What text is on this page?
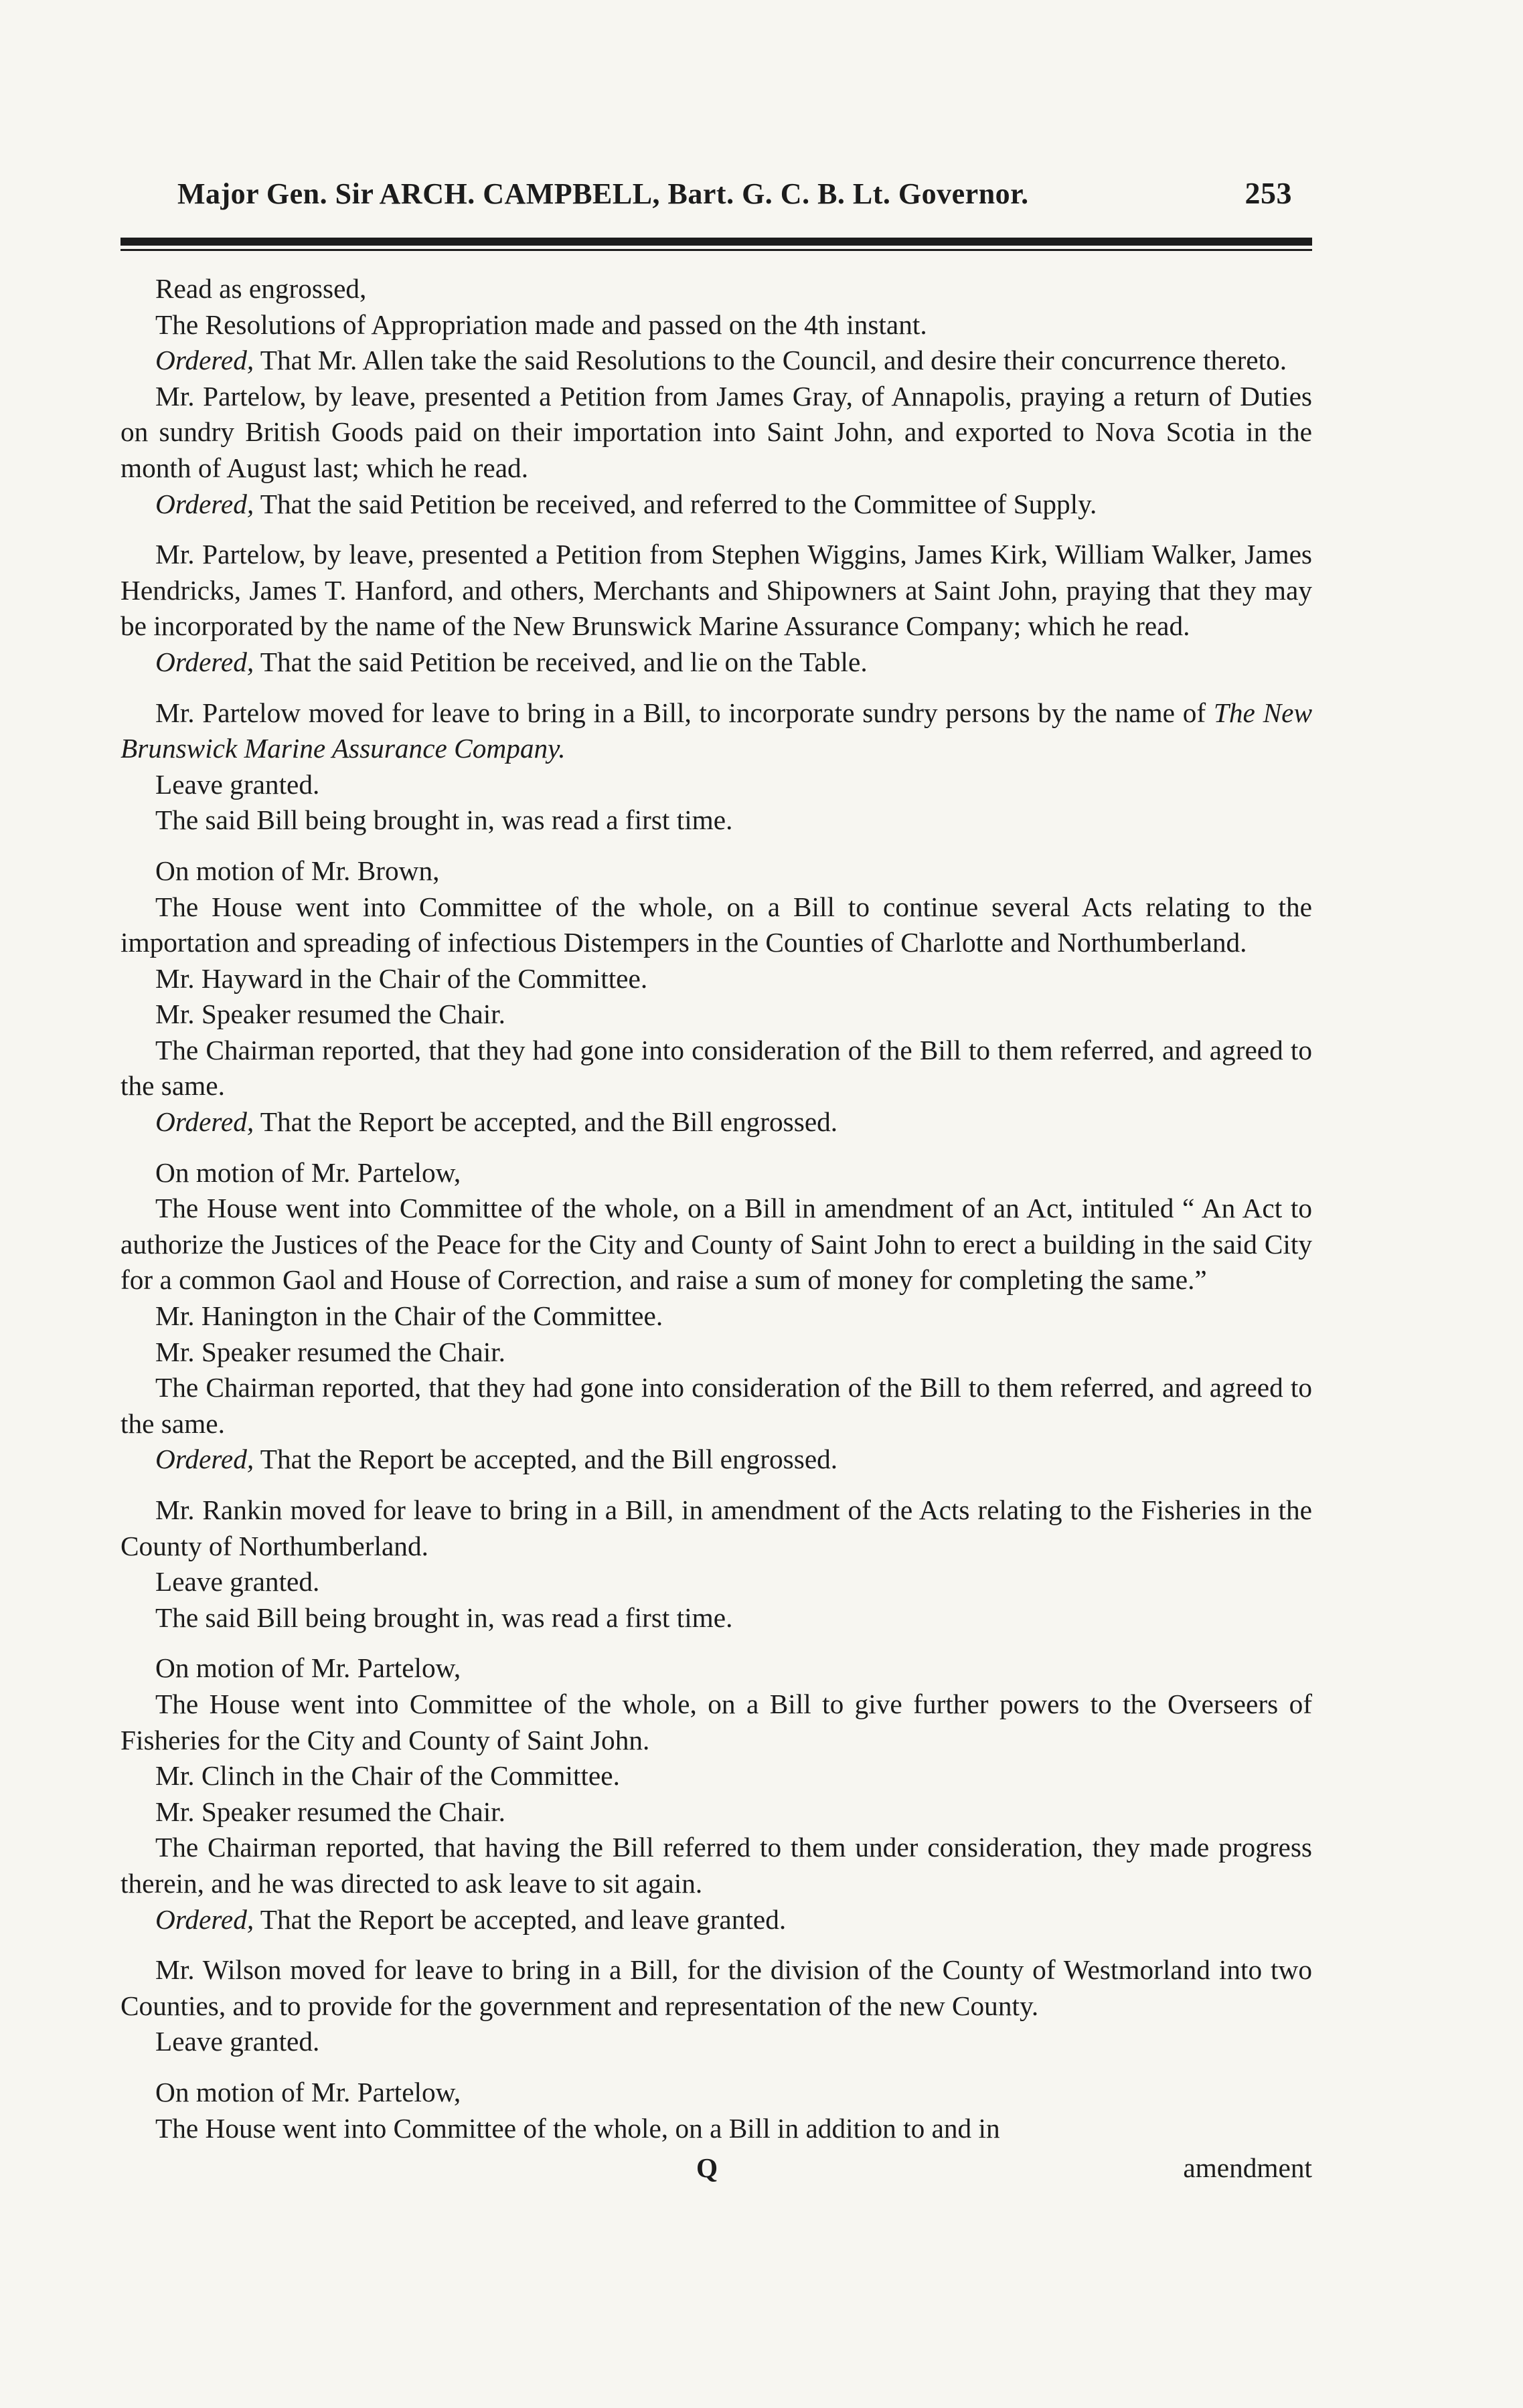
Major Gen. Sir ARCH. CAMPBELL, Bart. G. C. B. Lt. Governor.	253

Read as engrossed,

The Resolutions of Appropriation made and passed on the 4th instant.

Ordered, That Mr. Allen take the said Resolutions to the Council, and desire their concurrence thereto.

Mr. Partelow, by leave, presented a Petition from James Gray, of Annapolis, praying a return of Duties on sundry British Goods paid on their importation into Saint John, and exported to Nova Scotia in the month of August last; which he read.

Ordered, That the said Petition be received, and referred to the Committee of Supply.

Mr. Partelow, by leave, presented a Petition from Stephen Wiggins, James Kirk, William Walker, James Hendricks, James T. Hanford, and others, Merchants and Shipowners at Saint John, praying that they may be incorporated by the name of the New Brunswick Marine Assurance Company; which he read.

Ordered, That the said Petition be received, and lie on the Table.

Mr. Partelow moved for leave to bring in a Bill, to incorporate sundry persons by the name of The New Brunswick Marine Assurance Company.

Leave granted.

The said Bill being brought in, was read a first time.

On motion of Mr. Brown,

The House went into Committee of the whole, on a Bill to continue several Acts relating to the importation and spreading of infectious Distempers in the Counties of Charlotte and Northumberland.

Mr. Hayward in the Chair of the Committee.

Mr. Speaker resumed the Chair.

The Chairman reported, that they had gone into consideration of the Bill to them referred, and agreed to the same.

Ordered, That the Report be accepted, and the Bill engrossed.

On motion of Mr. Partelow,

The House went into Committee of the whole, on a Bill in amendment of an Act, intituled “ An Act to authorize the Justices of the Peace for the City and County of Saint John to erect a building in the said City for a common Gaol and House of Correction, and raise a sum of money for completing the same.”

Mr. Hanington in the Chair of the Committee.

Mr. Speaker resumed the Chair.

The Chairman reported, that they had gone into consideration of the Bill to them referred, and agreed to the same.

Ordered, That the Report be accepted, and the Bill engrossed.

Mr. Rankin moved for leave to bring in a Bill, in amendment of the Acts relating to the Fisheries in the County of Northumberland.

Leave granted.

The said Bill being brought in, was read a first time.

On motion of Mr. Partelow,

The House went into Committee of the whole, on a Bill to give further powers to the Overseers of Fisheries for the City and County of Saint John.

Mr. Clinch in the Chair of the Committee.

Mr. Speaker resumed the Chair.

The Chairman reported, that having the Bill referred to them under consideration, they made progress therein, and he was directed to ask leave to sit again.

Ordered, That the Report be accepted, and leave granted.

Mr. Wilson moved for leave to bring in a Bill, for the division of the County of Westmorland into two Counties, and to provide for the government and representation of the new County.

Leave granted.

On motion of Mr. Partelow,

The House went into Committee of the whole, on a Bill in addition to and in

Q	amendment
